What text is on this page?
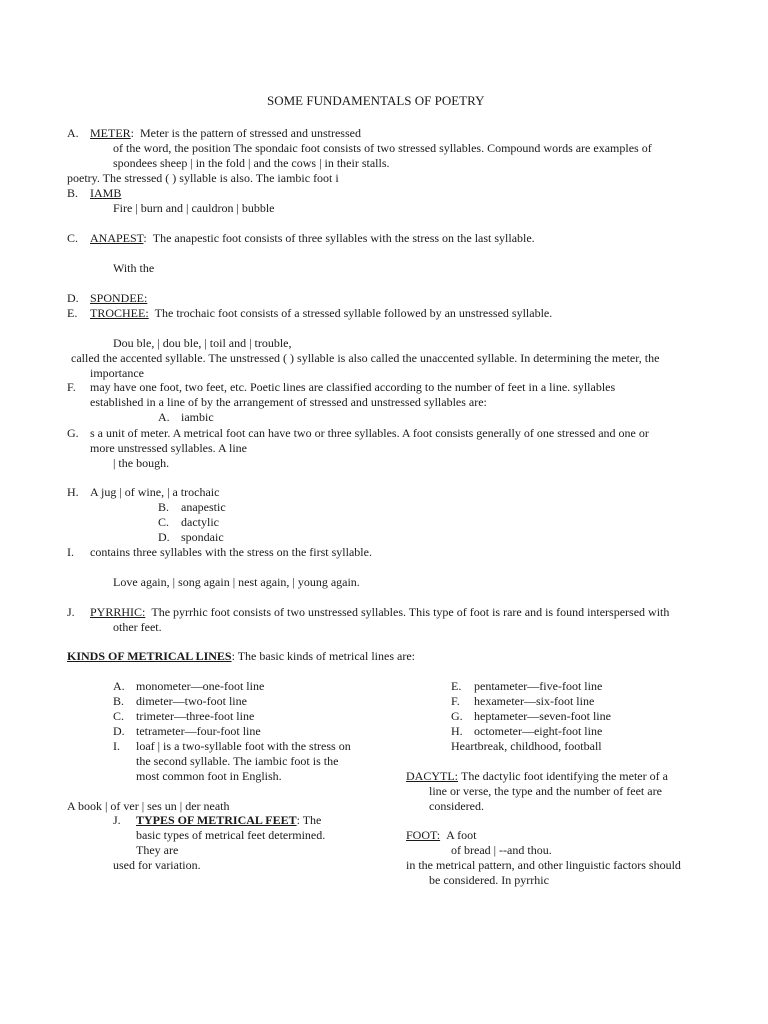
SOME FUNDAMENTALS OF POETRY
A. METER: Meter is the pattern of stressed and unstressed
of the word, the position The spondaic foot consists of two stressed syllables. Compound words are examples of
spondees sheep | in the fold | and the cows | in their stalls.
poetry. The stressed ( ) syllable is also. The iambic foot i
B. IAMB
Fire | burn and | cauldron | bubble
C. ANAPEST: The anapestic foot consists of three syllables with the stress on the last syllable.
With the
D. SPONDEE:
E. TROCHEE: The trochaic foot consists of a stressed syllable followed by an unstressed syllable.
Dou ble, | dou ble, | toil and | trouble,
called the accented syllable. The unstressed ( ) syllable is also called the unaccented syllable. In determining the meter, the
importance
F. may have one foot, two feet, etc. Poetic lines are classified according to the number of feet in a line. syllables
established in a line of by the arrangement of stressed and unstressed syllables are:
A. iambic
G. s a unit of meter. A metrical foot can have two or three syllables. A foot consists generally of one stressed and one or
more unstressed syllables. A line
| the bough.
H. A jug | of wine, | a trochaic
B. anapestic
C. dactylic
D. spondaic
I. contains three syllables with the stress on the first syllable.
Love again, | song again | nest again, | young again.
J. PYRRHIC: The pyrrhic foot consists of two unstressed syllables. This type of foot is rare and is found interspersed with
other feet.
KINDS OF METRICAL LINES: The basic kinds of metrical lines are:
A. monometer—one-foot line
B. dimeter—two-foot line
C. trimeter—three-foot line
D. tetrameter—four-foot line
I. loaf | is a two-syllable foot with the stress on
the second syllable. The iambic foot is the
most common foot in English.
E. pentameter—five-foot line
F. hexameter—six-foot line
G. heptameter—seven-foot line
H. octometer—eight-foot line
Heartbreak, childhood, football
DACYTL: The dactylic foot identifying the meter of a
line or verse, the type and the number of feet are
considered.
A book | of ver | ses un | der neath
J. TYPES OF METRICAL FEET: The
basic types of metrical feet determined.
They are
used for variation.
FOOT: A foot
of bread | --and thou.
in the metrical pattern, and other linguistic factors should
be considered. In pyrrhic
